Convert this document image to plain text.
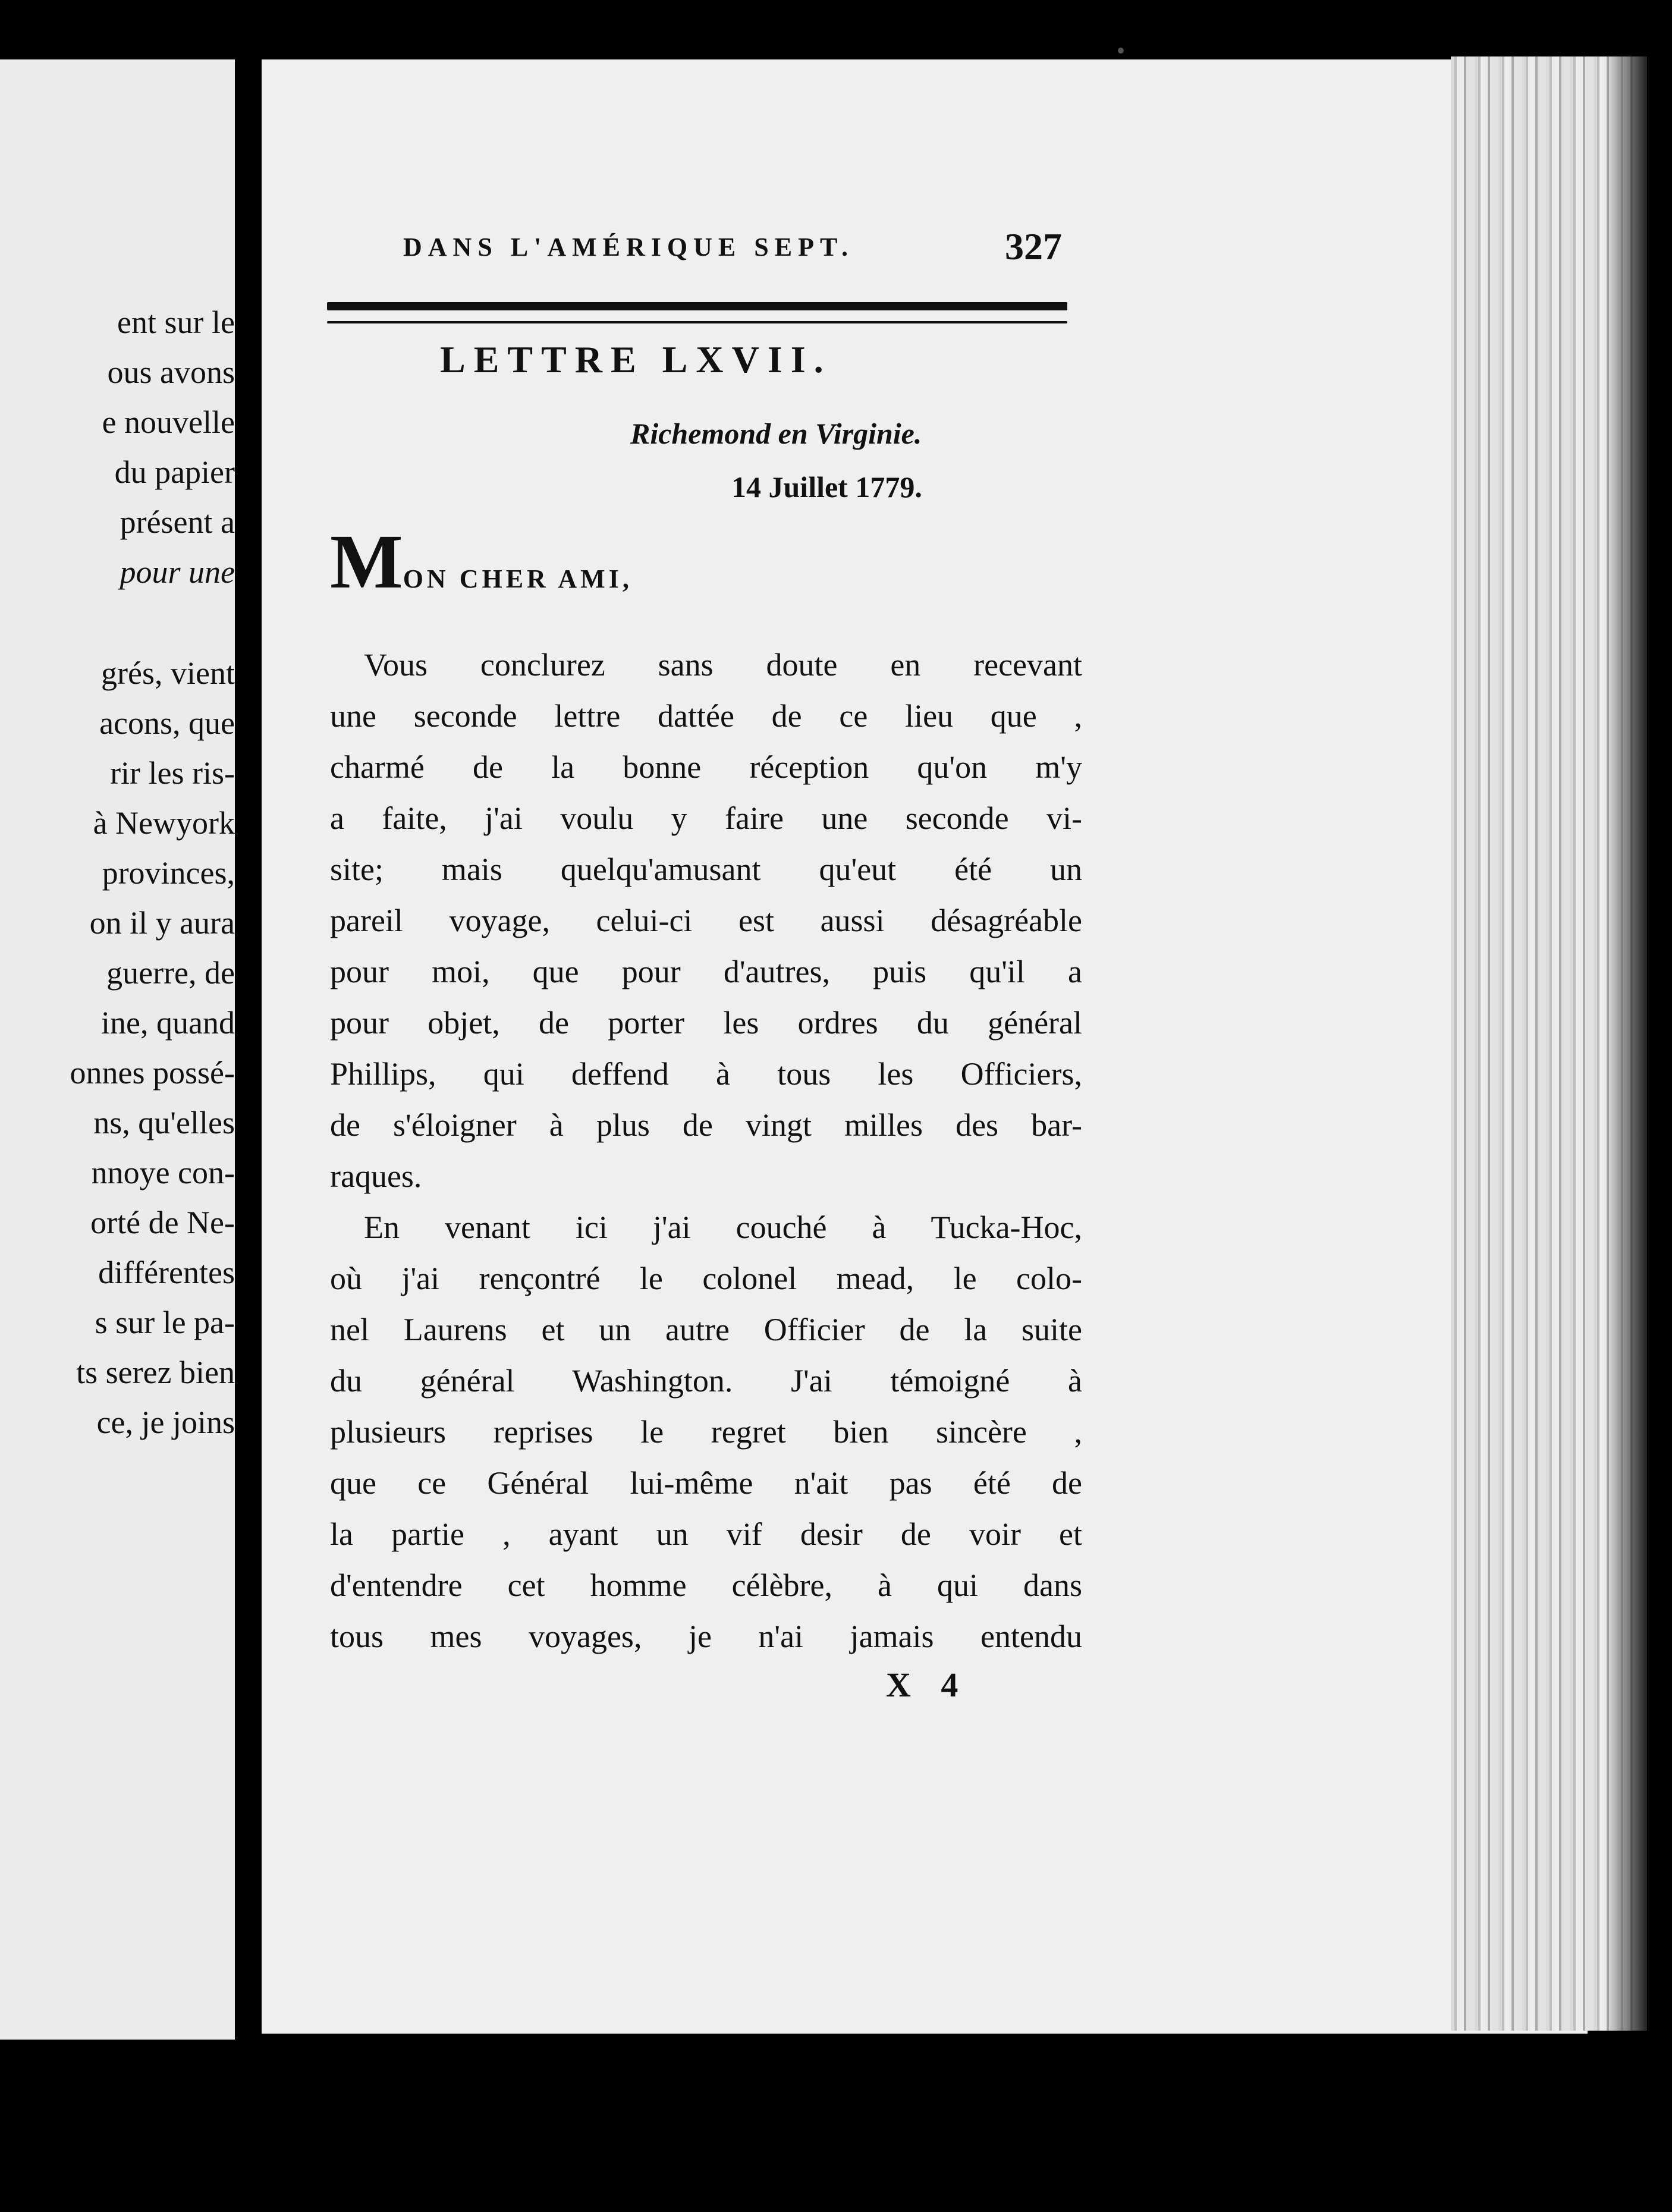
ent sur le
ous avons
e nouvelle
du papier
présent a
pour une
grés, vient
acons, que
rir les ris-
à Newyork
provinces,
on il y aura
guerre, de
ine, quand
onnes possé-
ns, qu'elles
nnoye con-
orté de Ne-
différentes
s sur le pa-
ts serez bien
ce, je joins
DANS L'AMÉRIQUE SEPT.	327
LETTRE LXVII.
Richemond en Virginie.
14 Juillet 1779.
MON CHER AMI,
Vous conclurez sans doute en recevant
une seconde lettre dattée de ce lieu que ,
charmé de la bonne réception qu'on m'y
a faite, j'ai voulu y faire une seconde vi-
site; mais quelqu'amusant qu'eut été un
pareil voyage, celui-ci est aussi désagréable
pour moi, que pour d'autres, puis qu'il a
pour objet, de porter les ordres du général
Phillips, qui deffend à tous les Officiers,
de s'éloigner à plus de vingt milles des bar-
raques.
En venant ici j'ai couché à Tucka-Hoc,
où j'ai rençontré le colonel mead, le colo-
nel Laurens et un autre Officier de la suite
du général Washington. J'ai témoigné à
plusieurs reprises le regret bien sincère ,
que ce Général lui-même n'ait pas été de
la partie , ayant un vif desir de voir et
d'entendre cet homme célèbre, à qui dans
tous mes voyages, je n'ai jamais entendu
X 4
